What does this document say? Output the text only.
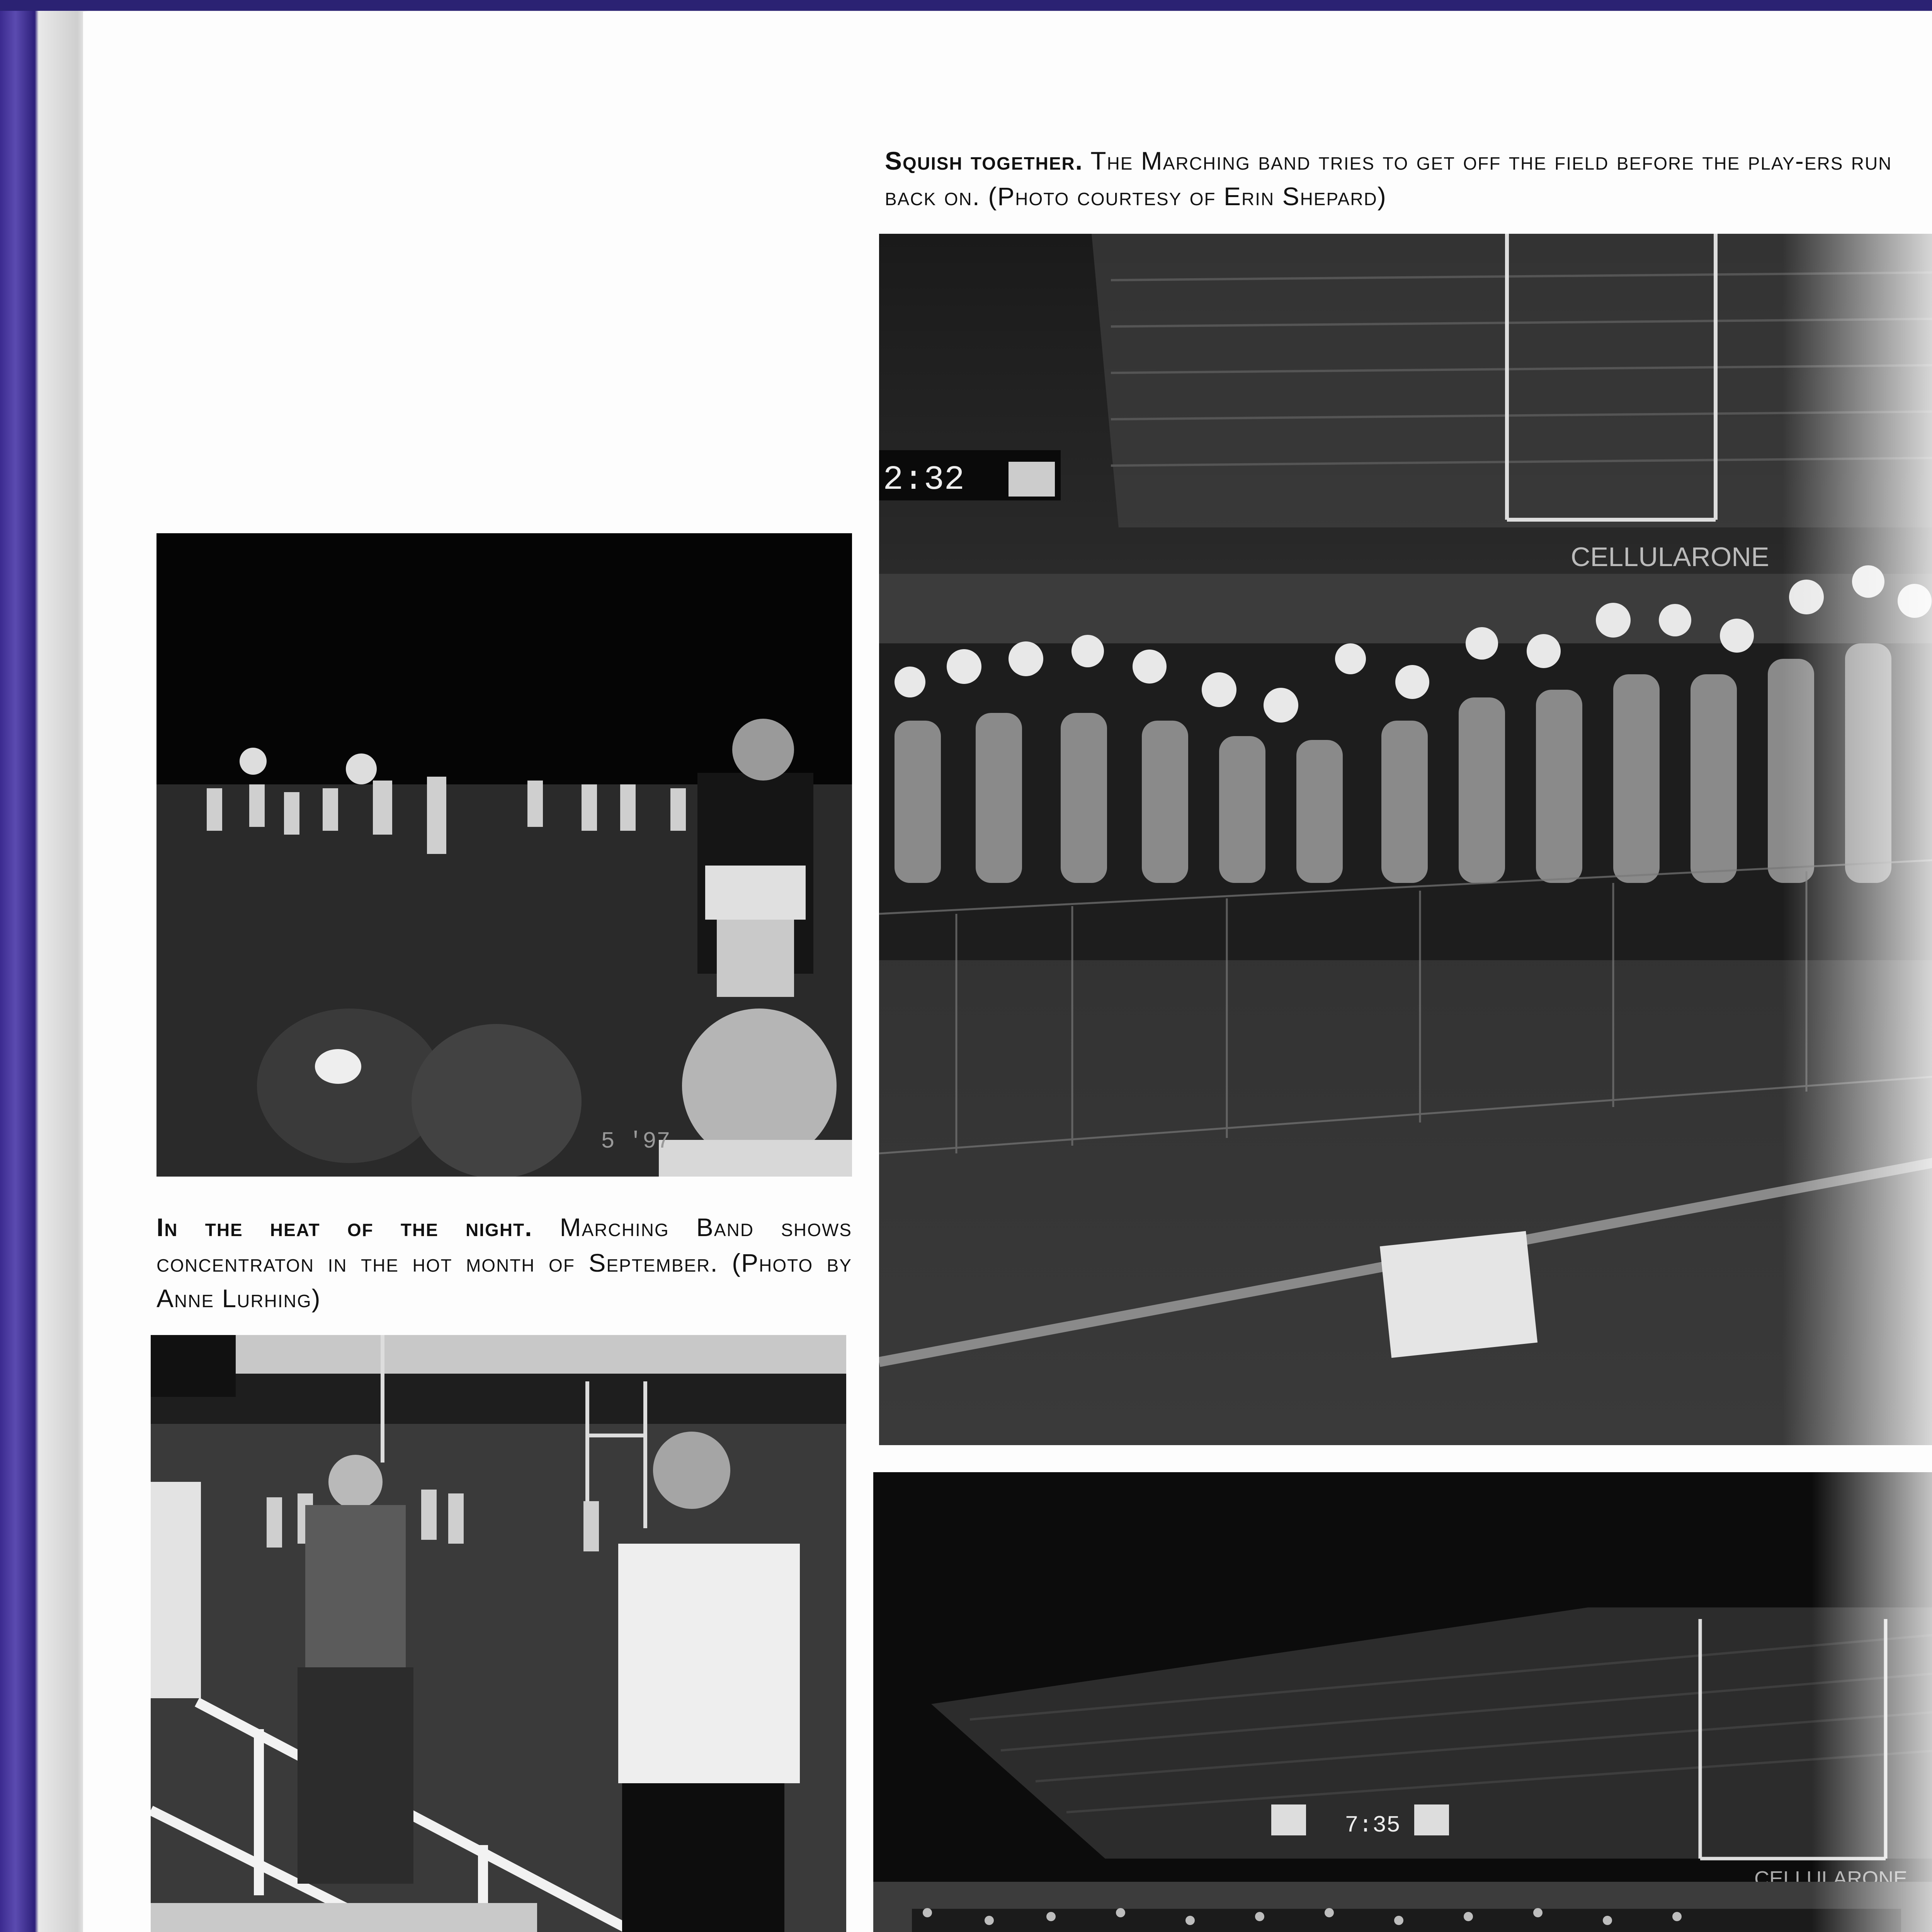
Squish together. The Marching band tries to get off the field before the play-ers run back on. (Photo courtesy of Erin Shepard)
5 '97
In the heat of the night. Marching Band shows concentraton in the hot month of September. (Photo by Anne Lurhing)
